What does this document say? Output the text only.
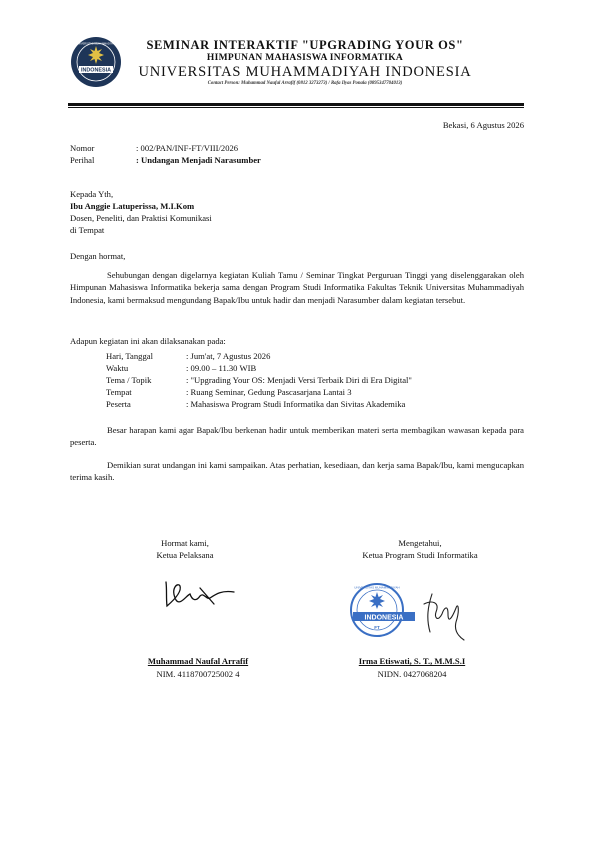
INDONESIA
UNIVERSITAS MUHAMMADIYAH	SEMINAR INTERAKTIF "UPGRADING YOUR OS"
HIMPUNAN MAHASISWA INFORMATIKA
UNIVERSITAS MUHAMMADIYAH INDONESIA
Contact Person: Muhammad Naufal Arrafif (0812 3273273) / Rafa Ilyas Ponala (0895347704013)
Bekasi, 6 Agustus 2026
Nomor	: 002/PAN/INF-FT/VIII/2026
Perihal	: Undangan Menjadi Narasumber
Kepada Yth,
Ibu Anggie Latuperissa, M.I.Kom
Dosen, Peneliti, dan Praktisi Komunikasi
di Tempat
Dengan hormat,
Sehubungan dengan digelarnya kegiatan Kuliah Tamu / Seminar Tingkat Perguruan Tinggi yang diselenggarakan oleh Himpunan Mahasiswa Informatika bekerja sama dengan Program Studi Informatika Fakultas Teknik Universitas Muhammadiyah Indonesia, kami bermaksud mengundang Bapak/Ibu untuk hadir dan menjadi Narasumber dalam kegiatan tersebut.
Adapun kegiatan ini akan dilaksanakan pada:
Hari, Tanggal	: Jum'at, 7 Agustus 2026
Waktu	: 09.00 – 11.30 WIB
Tema / Topik	: "Upgrading Your OS: Menjadi Versi Terbaik Diri di Era Digital"
Tempat	: Ruang Seminar, Gedung Pascasarjana Lantai 3
Peserta	: Mahasiswa Program Studi Informatika dan Sivitas Akademika
Besar harapan kami agar Bapak/Ibu berkenan hadir untuk memberikan materi serta membagikan wawasan kepada para peserta.
Demikian surat undangan ini kami sampaikan. Atas perhatian, kesediaan, dan kerja sama Bapak/Ibu, kami mengucapkan terima kasih.
Hormat kami,
Ketua Pelaksana
Mengetahui,
Ketua Program Studi Informatika
UNIVERSITAS MUHAMMADIYAH
INDONESIA
FT
Muhammad Naufal Arrafif	Irma Etiswati, S. T., M.M.S.I
NIM. 4118700725002 4	NIDN. 0427068204
